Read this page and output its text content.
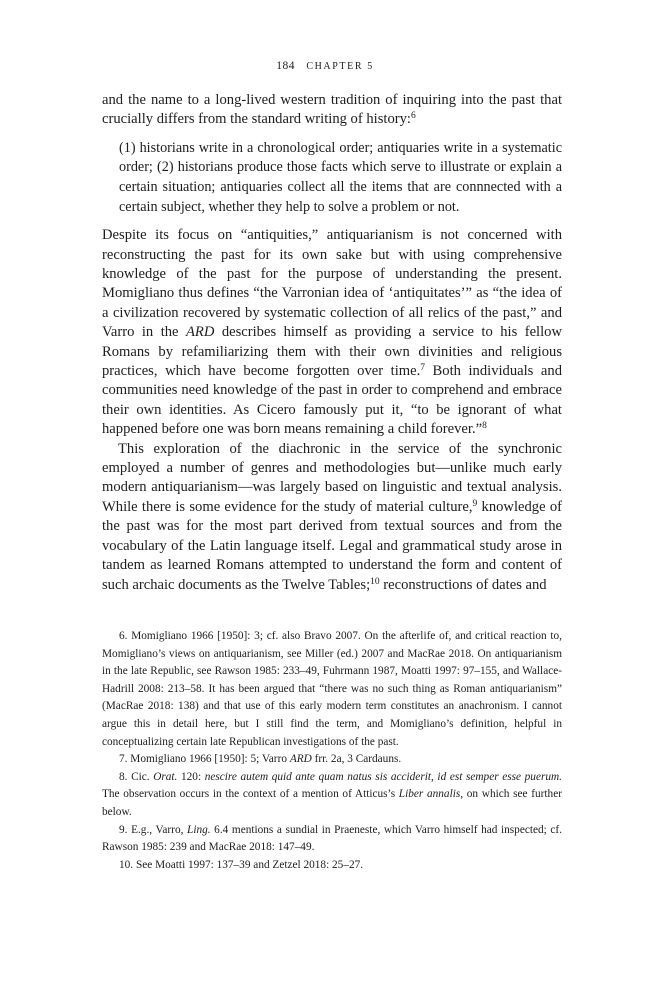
184 CHAPTER 5

and the name to a long-lived western tradition of inquiring into the past that crucially differs from the standard writing of history:$^6$

(1) historians write in a chronological order; antiquaries write in a systematic order; (2) historians produce those facts which serve to illustrate or explain a certain situation; antiquaries collect all the items that are connnected with a certain subject, whether they help to solve a problem or not.

Despite its focus on “antiquities,” antiquarianism is not concerned with reconstructing the past for its own sake but with using comprehensive knowledge of the past for the purpose of understanding the present. Momigliano thus defines “the Varronian idea of ‘antiquitates’” as “the idea of a civilization recovered by systematic collection of all relics of the past,” and Varro in the ARD describes himself as providing a service to his fellow Romans by refamiliarizing them with their own divinities and religious practices, which have become forgotten over time.$^7$ Both individuals and communities need knowledge of the past in order to comprehend and embrace their own identities. As Cicero famously put it, “to be ignorant of what happened before one was born means remaining a child forever.”$^8$

This exploration of the diachronic in the service of the synchronic employed a number of genres and methodologies but—unlike much early modern antiquarianism—was largely based on linguistic and textual analysis. While there is some evidence for the study of material culture,$^9$ knowledge of the past was for the most part derived from textual sources and from the vocabulary of the Latin language itself. Legal and grammatical study arose in tandem as learned Romans attempted to understand the form and content of such archaic documents as the Twelve Tables;$^{10}$ reconstructions of dates and

6. Momigliano 1966 [1950]: 3; cf. also Bravo 2007. On the afterlife of, and critical reaction to, Momigliano’s views on antiquarianism, see Miller (ed.) 2007 and MacRae 2018. On antiquarianism in the late Republic, see Rawson 1985: 233–49, Fuhrmann 1987, Moatti 1997: 97–155, and Wallace-Hadrill 2008: 213–58. It has been argued that “there was no such thing as Roman antiquarianism” (MacRae 2018: 138) and that use of this early modern term constitutes an anachronism. I cannot argue this in detail here, but I still find the term, and Momigliano’s definition, helpful in conceptualizing certain late Republican investigations of the past.

7. Momigliano 1966 [1950]: 5; Varro ARD frr. 2a, 3 Cardauns.

8. Cic. Orat. 120: nescire autem quid ante quam natus sis acciderit, id est semper esse puerum. The observation occurs in the context of a mention of Atticus’s Liber annalis, on which see further below.

9. E.g., Varro, Ling. 6.4 mentions a sundial in Praeneste, which Varro himself had inspected; cf. Rawson 1985: 239 and MacRae 2018: 147–49.

10. See Moatti 1997: 137–39 and Zetzel 2018: 25–27.
